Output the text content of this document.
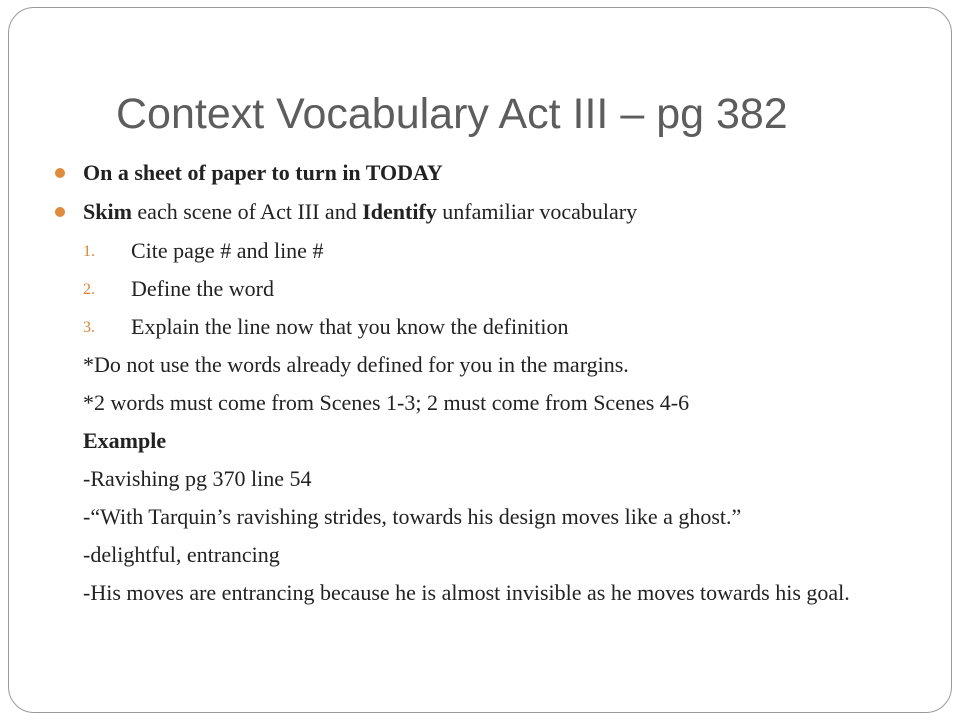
Context Vocabulary Act III – pg 382
On a sheet of paper to turn in TODAY
Skim each scene of Act III and Identify unfamiliar vocabulary
1. Cite page # and line #
2. Define the word
3. Explain the line now that you know the definition
*Do not use the words already defined for you in the margins.
*2 words must come from Scenes 1-3; 2 must come from Scenes 4-6
Example
-Ravishing pg 370 line 54
-“With Tarquin’s ravishing strides, towards his design moves like a ghost.”
-delightful, entrancing
-His moves are entrancing because he is almost invisible as he moves towards his goal.
